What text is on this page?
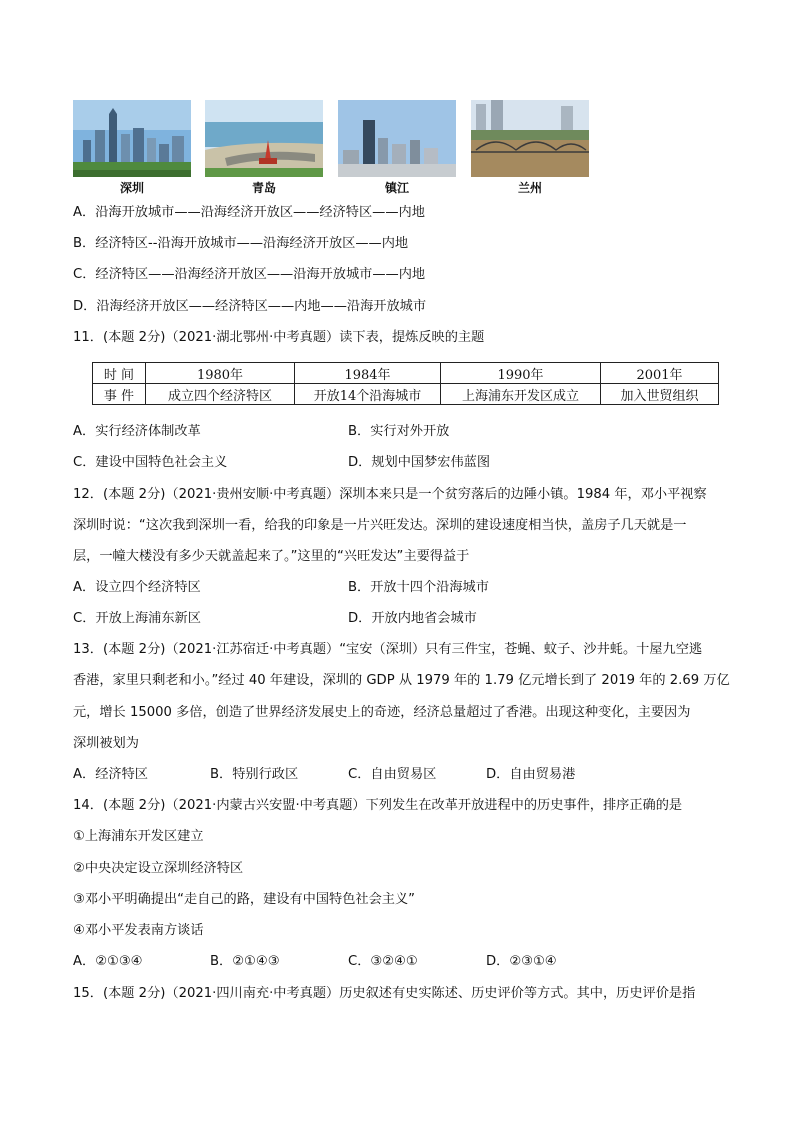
深圳	青岛	镇江	兰州
A．沿海开放城市——沿海经济开放区——经济特区——内地
B．经济特区--沿海开放城市——沿海经济开放区——内地
C．经济特区——沿海经济开放区——沿海开放城市——内地
D．沿海经济开放区——经济特区——内地——沿海开放城市
11．(本题 2分)（2021·湖北鄂州·中考真题）读下表，提炼反映的主题
时 间	1980年	1984年	1990年	2001年
事 件	成立四个经济特区	开放14个沿海城市	上海浦东开发区成立	加入世贸组织
A．实行经济体制改革	B．实行对外开放
C．建设中国特色社会主义	D．规划中国梦宏伟蓝图
12．(本题 2分)（2021·贵州安顺·中考真题）深圳本来只是一个贫穷落后的边陲小镇。1984 年，邓小平视察
深圳时说：“这次我到深圳一看，给我的印象是一片兴旺发达。深圳的建设速度相当快，盖房子几天就是一
层，一幢大楼没有多少天就盖起来了。”这里的“兴旺发达”主要得益于
A．设立四个经济特区	B．开放十四个沿海城市
C．开放上海浦东新区	D．开放内地省会城市
13．(本题 2分)（2021·江苏宿迁·中考真题）“宝安（深圳）只有三件宝，苍蝇、蚊子、沙井蚝。十屋九空逃
香港，家里只剩老和小。”经过 40 年建设，深圳的 GDP 从 1979 年的 1.79 亿元增长到了 2019 年的 2.69 万亿
元，增长 15000 多倍，创造了世界经济发展史上的奇迹，经济总量超过了香港。出现这种变化，主要因为
深圳被划为
A．经济特区	B．特别行政区	C．自由贸易区	D．自由贸易港
14．(本题 2分)（2021·内蒙古兴安盟·中考真题）下列发生在改革开放进程中的历史事件，排序正确的是
①上海浦东开发区建立
②中央决定设立深圳经济特区
③邓小平明确提出“走自己的路，建设有中国特色社会主义”
④邓小平发表南方谈话
A．②①③④	B．②①④③	C．③②④①	D．②③①④
15．(本题 2分)（2021·四川南充·中考真题）历史叙述有史实陈述、历史评价等方式。其中，历史评价是指
